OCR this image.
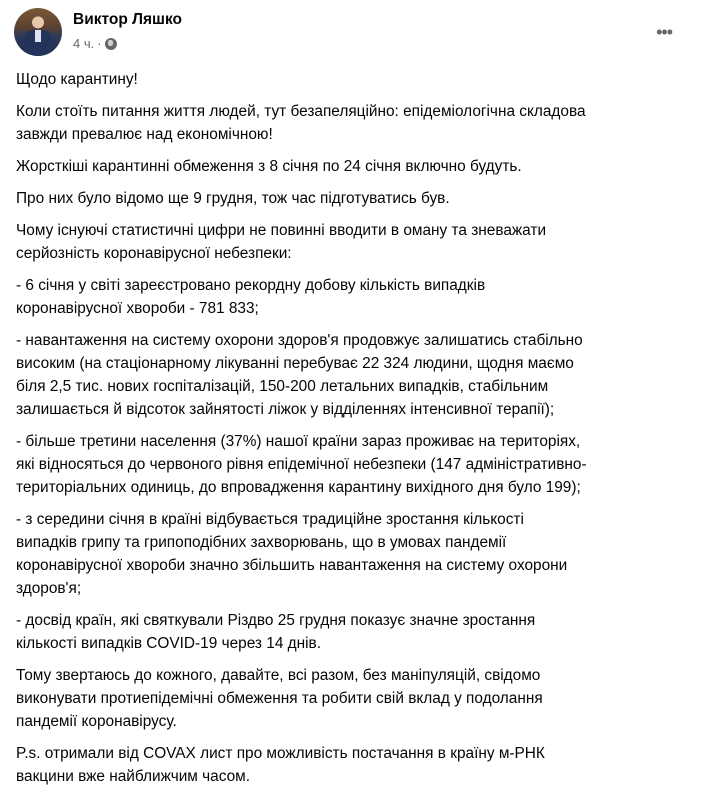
Виктор Ляшко
4 ч. ·
•••

Щодо карантину!

Коли стоїть питання життя людей, тут безапеляційно: епідеміологічна складова
завжди превалює над економічною!

Жорсткіші карантинні обмеження з 8 січня по 24 січня включно будуть.

Про них було відомо ще 9 грудня, тож час підготуватись був.

Чому існуючі статистичні цифри не повинні вводити в оману та зневажати
серйозність коронавірусної небезпеки:

- 6 січня у світі зареєстровано рекордну добову кількість випадків
коронавірусної хвороби - 781 833;

- навантаження на систему охорони здоров'я продовжує залишатись стабільно
високим (на стаціонарному лікуванні перебуває 22 324 людини, щодня маємо
біля 2,5 тис. нових госпіталізацій, 150-200 летальних випадків, стабільним
залишається й відсоток зайнятості ліжок у відділеннях інтенсивної терапії);

- більше третини населення (37%) нашої країни зараз проживає на територіях,
які відносяться до червоного рівня епідемічної небезпеки (147 адміністративно-
територіальних одиниць, до впровадження карантину вихідного дня було 199);

- з середини січня в країні відбувається традиційне зростання кількості
випадків грипу та грипоподібних захворювань, що в умовах пандемії
коронавірусної хвороби значно збільшить навантаження на систему охорони
здоров'я;

- досвід країн, які святкували Різдво 25 грудня показує значне зростання
кількості випадків COVID-19 через 14 днів.

Тому звертаюсь до кожного, давайте, всі разом, без маніпуляцій, свідомо
виконувати протиепідемічні обмеження та робити свій вклад у подолання
пандемії коронавірусу.

P.s. отримали від COVAX лист про можливість постачання в країну м-РНК
вакцини вже найближчим часом.
